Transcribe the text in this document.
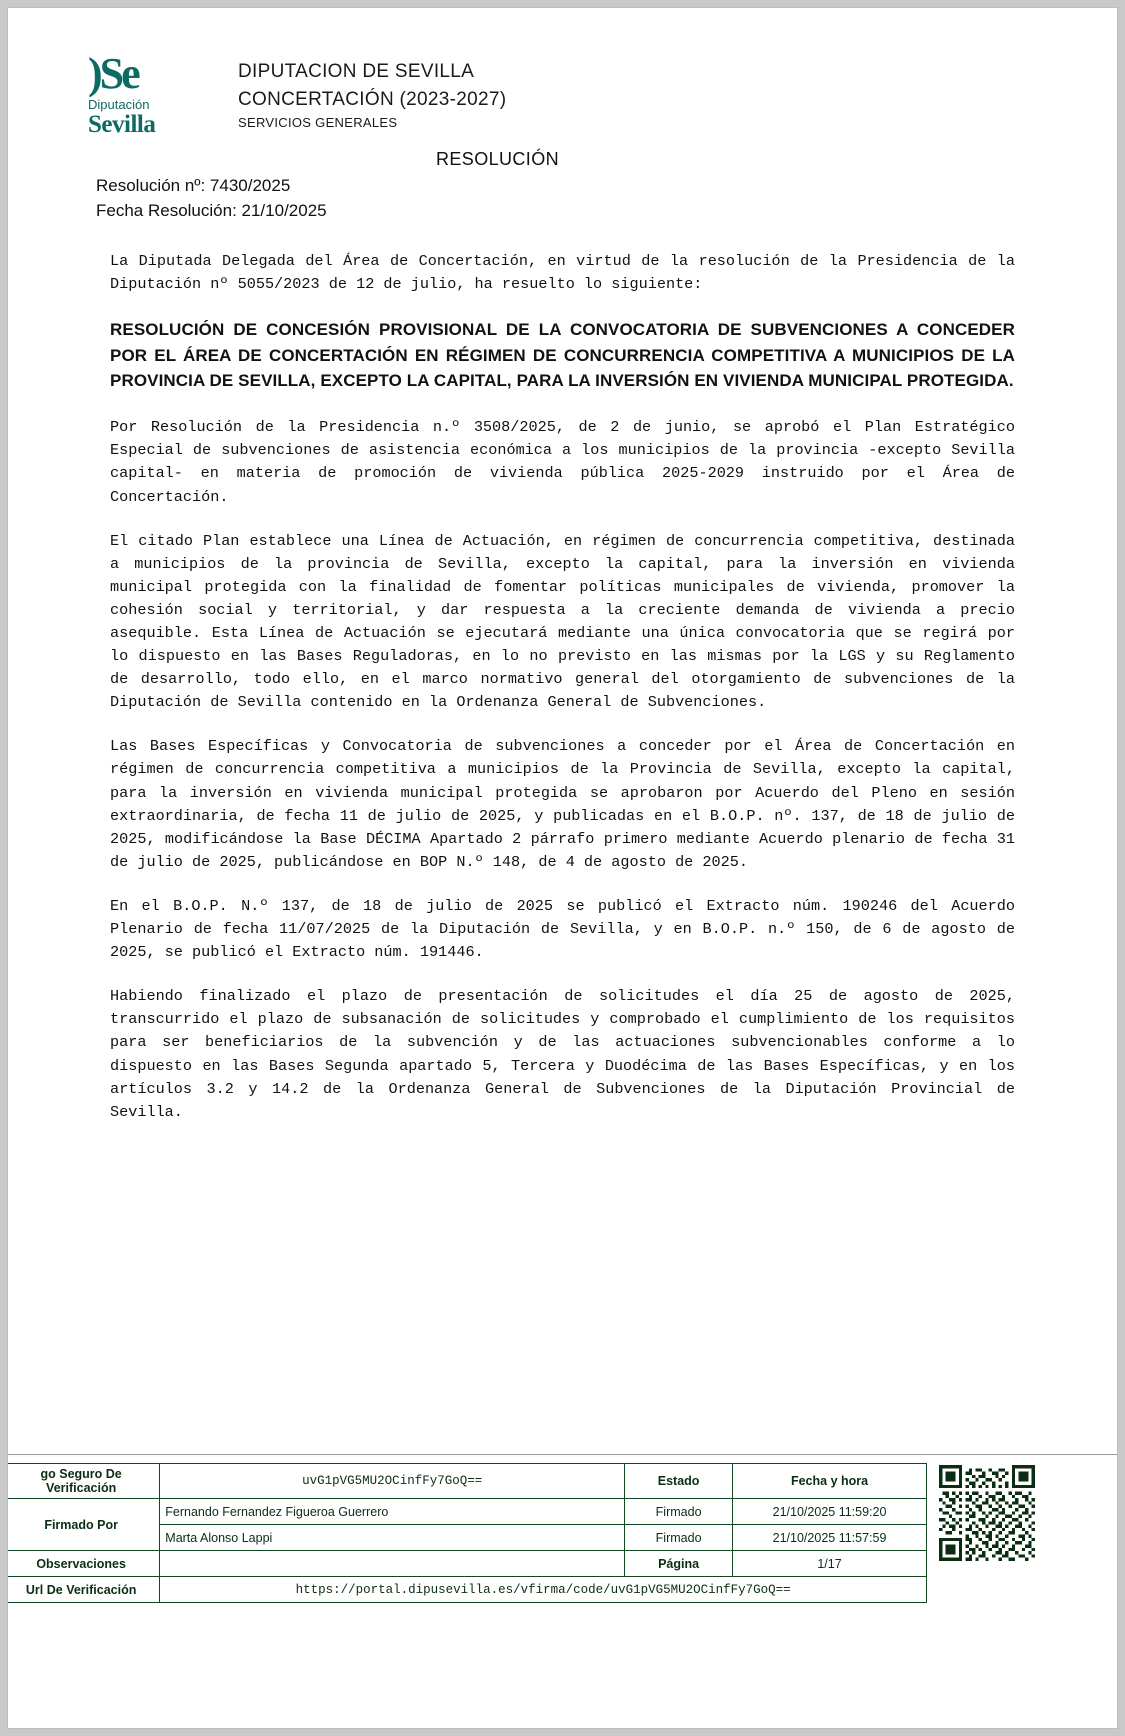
)Se
Diputación
Sevilla
DIPUTACION DE SEVILLA
CONCERTACIÓN (2023-2027)
SERVICIOS GENERALES
RESOLUCIÓN
Resolución nº: 7430/2025
Fecha Resolución: 21/10/2025

La Diputada Delegada del Área de Concertación, en virtud de la resolución de la Presidencia de la Diputación nº 5055/2023 de 12 de julio, ha resuelto lo siguiente:

RESOLUCIÓN DE CONCESIÓN PROVISIONAL DE LA CONVOCATORIA DE SUBVENCIONES A CONCEDER POR EL ÁREA DE CONCERTACIÓN EN RÉGIMEN DE CONCURRENCIA COMPETITIVA A MUNICIPIOS DE LA PROVINCIA DE SEVILLA, EXCEPTO LA CAPITAL, PARA LA INVERSIÓN EN VIVIENDA MUNICIPAL PROTEGIDA.

Por Resolución de la Presidencia n.º 3508/2025, de 2 de junio, se aprobó el Plan Estratégico Especial de subvenciones de asistencia económica a los municipios de la provincia -excepto Sevilla capital- en materia de promoción de vivienda pública 2025-2029 instruido por el Área de Concertación.

El citado Plan establece una Línea de Actuación, en régimen de concurrencia competitiva, destinada a municipios de la provincia de Sevilla, excepto la capital, para la inversión en vivienda municipal protegida con la finalidad de fomentar políticas municipales de vivienda, promover la cohesión social y territorial, y dar respuesta a la creciente demanda de vivienda a precio asequible. Esta Línea de Actuación se ejecutará mediante una única convocatoria que se regirá por lo dispuesto en las Bases Reguladoras, en lo no previsto en las mismas por la LGS y su Reglamento de desarrollo, todo ello, en el marco normativo general del otorgamiento de subvenciones de la Diputación de Sevilla contenido en la Ordenanza General de Subvenciones.

Las Bases Específicas y Convocatoria de subvenciones a conceder por el Área de Concertación en régimen de concurrencia competitiva a municipios de la Provincia de Sevilla, excepto la capital, para la inversión en vivienda municipal protegida se aprobaron por Acuerdo del Pleno en sesión extraordinaria, de fecha 11 de julio de 2025, y publicadas en el B.O.P. nº. 137, de 18 de julio de 2025, modificándose la Base DÉCIMA Apartado 2 párrafo primero mediante Acuerdo plenario de fecha 31 de julio de 2025, publicándose en BOP N.º 148, de 4 de agosto de 2025.

En el B.O.P. N.º 137, de 18 de julio de 2025 se publicó el Extracto núm. 190246 del Acuerdo Plenario de fecha 11/07/2025 de la Diputación de Sevilla, y en B.O.P. n.º 150, de 6 de agosto de 2025, se publicó el Extracto núm. 191446.

Habiendo finalizado el plazo de presentación de solicitudes el día 25 de agosto de 2025, transcurrido el plazo de subsanación de solicitudes y comprobado el cumplimiento de los requisitos para ser beneficiarios de la subvención y de las actuaciones subvencionables conforme a lo dispuesto en las Bases Segunda apartado 5, Tercera y Duodécima de las Bases Específicas, y en los artículos 3.2 y 14.2 de la Ordenanza General de Subvenciones de la Diputación Provincial de Sevilla.

go Seguro De Verificación	uvG1pVG5MU2OCinfFy7GoQ==	Estado	Fecha y hora
Firmado Por	Fernando Fernandez Figueroa Guerrero	Firmado	21/10/2025 11:59:20
	Marta Alonso Lappi	Firmado	21/10/2025 11:57:59
Observaciones		Página	1/17
Url De Verificación	https://portal.dipusevilla.es/vfirma/code/uvG1pVG5MU2OCinfFy7GoQ==		
